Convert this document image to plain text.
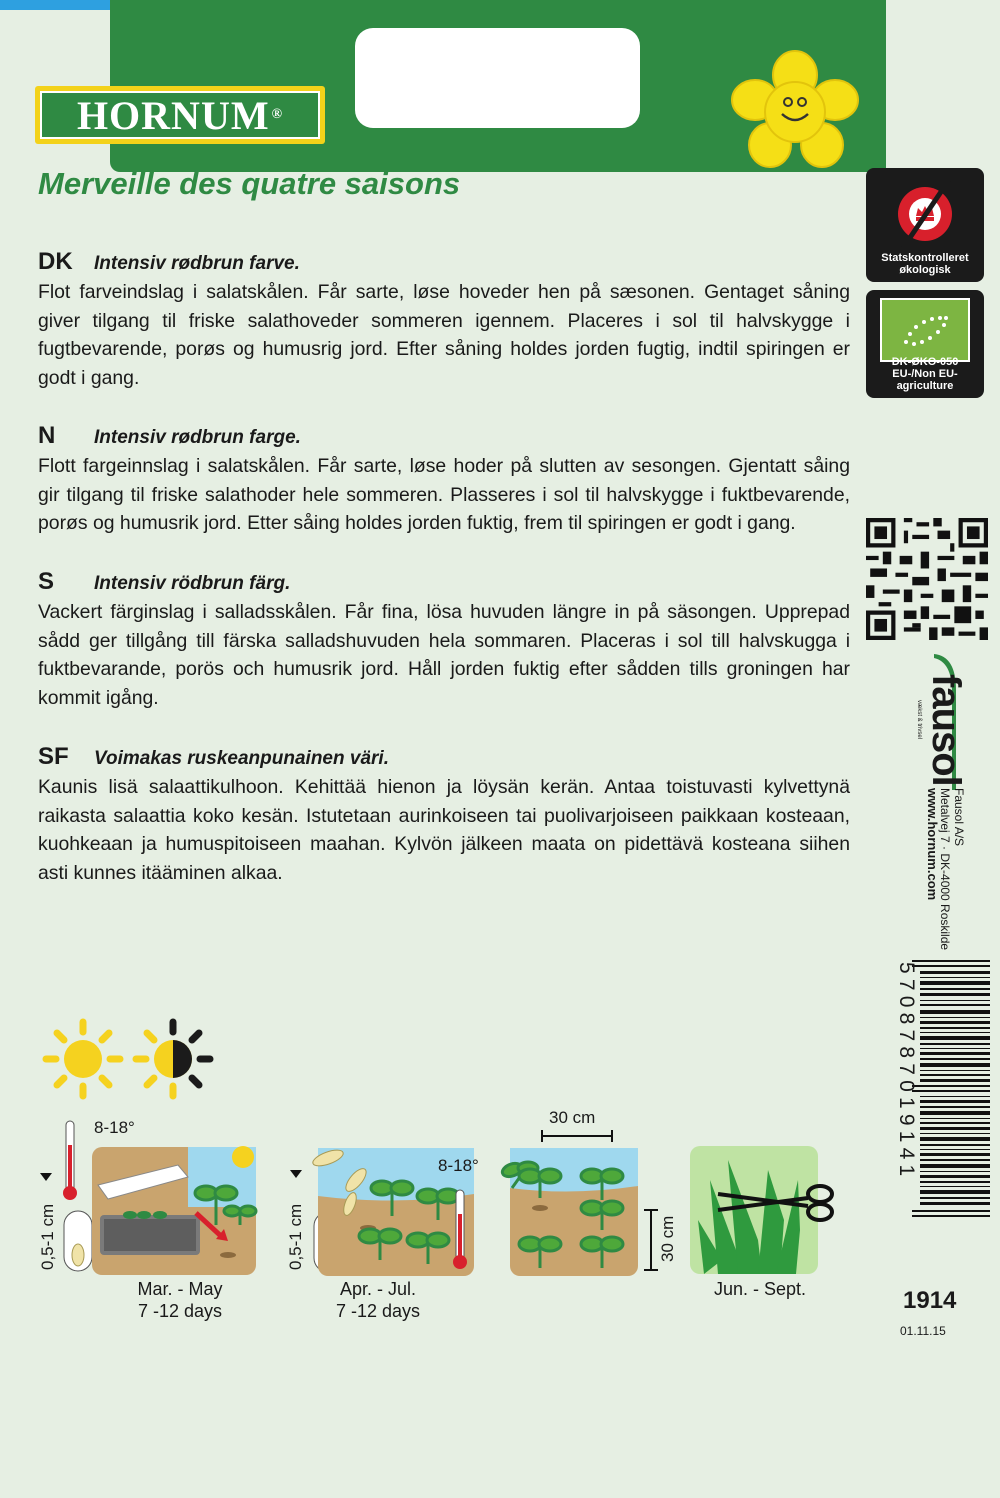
HORNUM ®
Merveille des quatre saisons
DK	Intensiv rødbrun farve.
Flot farveindslag i salatskålen. Får sarte, løse hoveder hen på sæsonen. Gentaget såning giver tilgang til friske salathoveder sommeren igennem. Placeres i sol til halvskygge i fugtbevarende, porøs og humusrig jord. Efter såning holdes jorden fugtig, indtil spiringen er godt i gang.
N	Intensiv rødbrun farge.
Flott fargeinnslag i salatskålen. Får sarte, løse hoder på slutten av sesongen. Gjentatt såing gir tilgang til friske salathoder hele sommeren. Plasseres i sol til halvskygge i fuktbevarende, porøs og humusrik jord. Etter såing holdes jorden fuktig, frem til spiringen er godt i gang.
S	Intensiv rödbrun färg.
Vackert färginslag i salladsskålen. Får fina, lösa huvuden längre in på säsongen. Upprepad sådd ger tillgång till färska salladshuvuden hela sommaren. Placeras i sol till halvskugga i fuktbevarande, porös och humusrik jord. Håll jorden fuktig efter sådden tills groningen har kommit igång.
SF	Voimakas ruskeanpunainen väri.
Kaunis lisä salaattikulhoon. Kehittää hienon ja löysän kerän. Antaa toistuvasti kylvettynä raikasta salaattia koko kesän. Istutetaan aurinkoiseen tai puolivarjoiseen paikkaan kosteaan, kuohkeaan ja humuspitoiseen maahan. Kylvön jälkeen maata on pidettävä kosteana siihen asti kunnes itääminen alkaa.
Statskontrolleret økologisk
DK-ØKO-050
EU-/Non EU-agriculture
fausol
vækst & trivsel
Fausol A/S
Metalvej 7 · DK-4000 Roskilde
www.hornum.com
5708787019141
1914
01.11.15
8-18°
0,5-1 cm
Mar. - May
7 -12 days
8-18°
0,5-1 cm
Apr. - Jul.
7 -12 days
30 cm
30 cm
Jun. - Sept.
